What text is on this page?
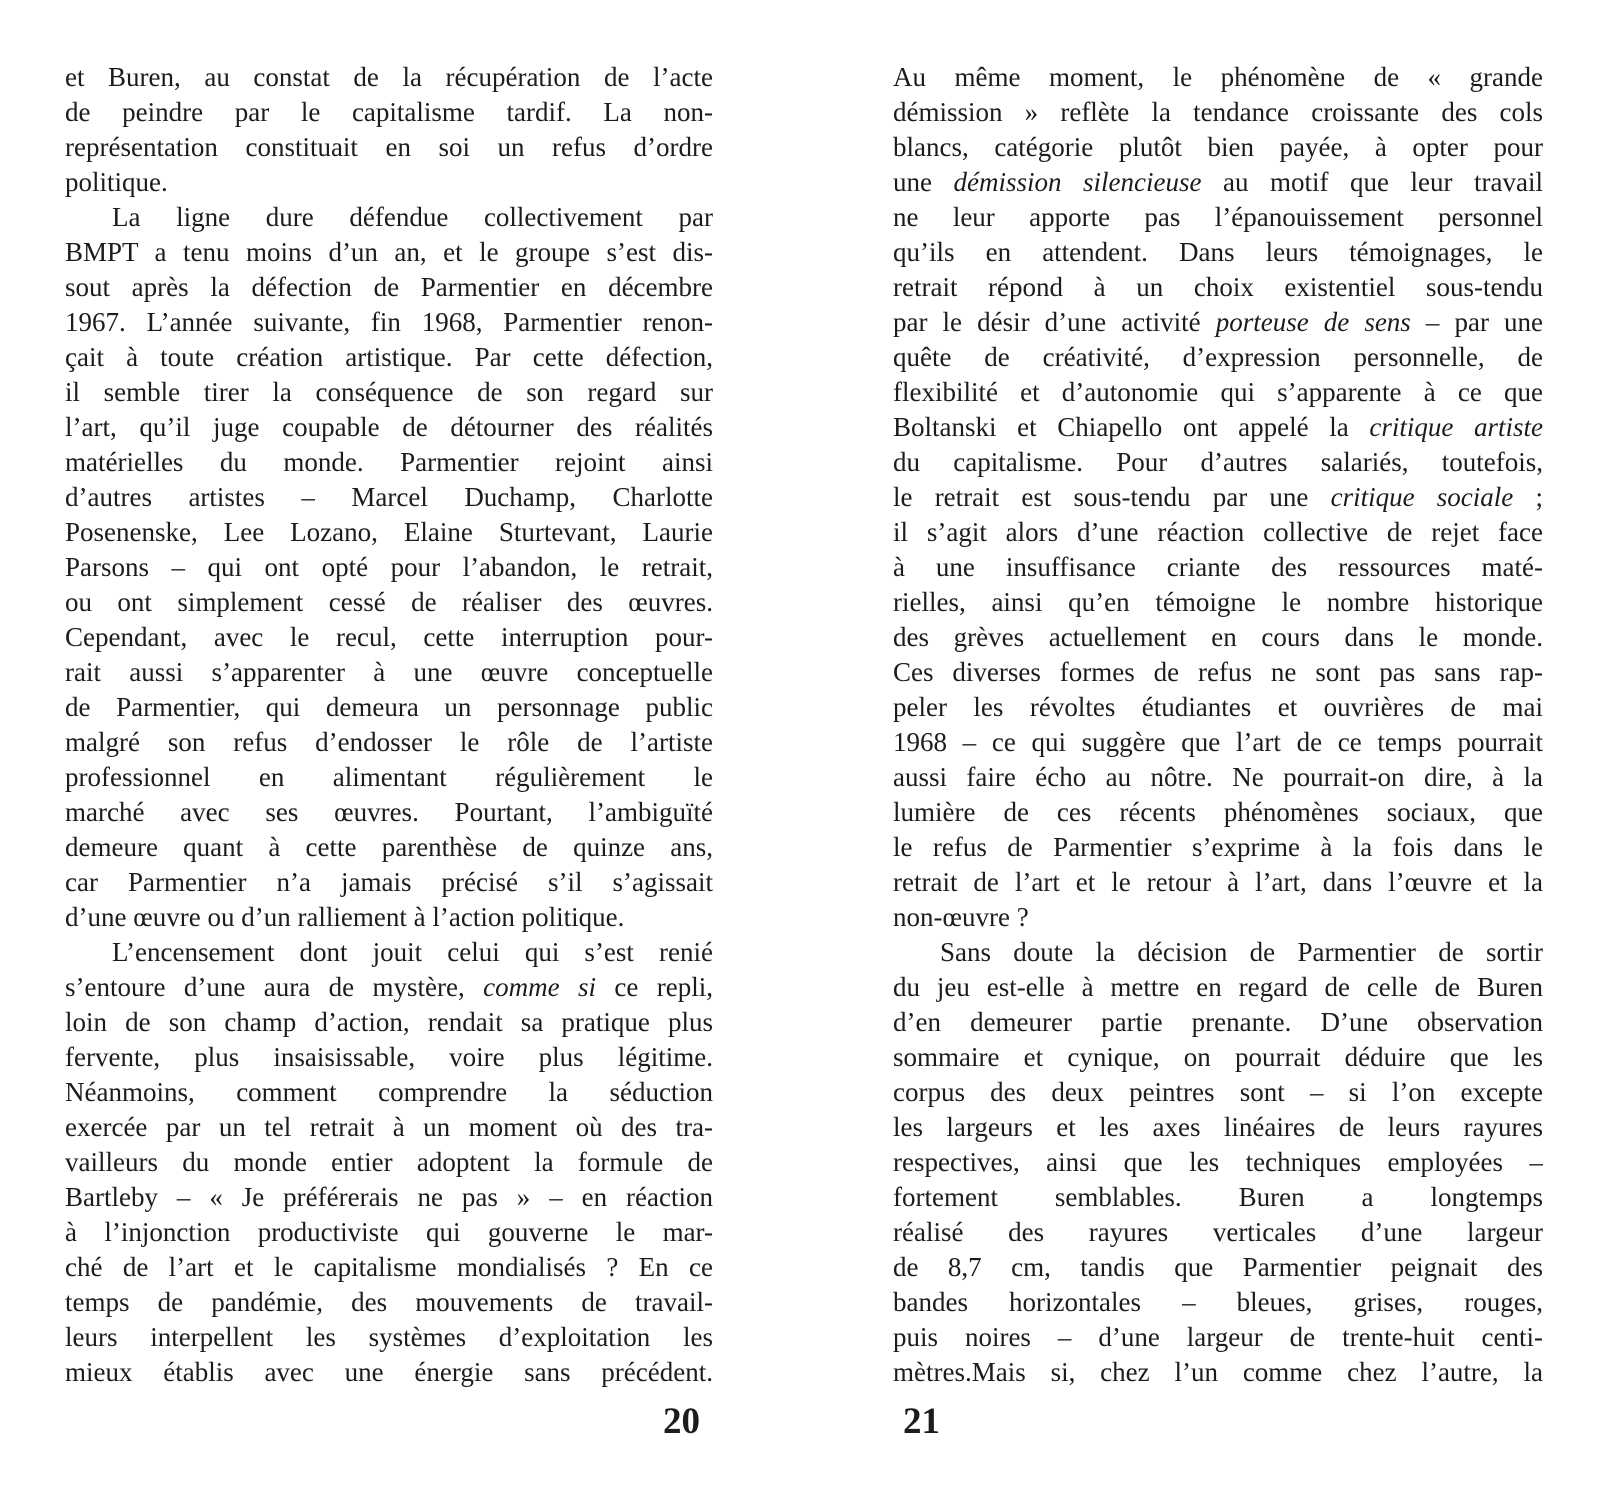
et Buren, au constat de la récupération de l’acte
de peindre par le capitalisme tardif. La non-
représentation constituait en soi un refus d’ordre
politique.
La ligne dure défendue collectivement par
BMPT a tenu moins d’un an, et le groupe s’est dis-
sout après la défection de Parmentier en décembre
1967. L’année suivante, fin 1968, Parmentier renon-
çait à toute création artistique. Par cette défection,
il semble tirer la conséquence de son regard sur
l’art, qu’il juge coupable de détourner des réalités
matérielles du monde. Parmentier rejoint ainsi
d’autres artistes – Marcel Duchamp, Charlotte
Posenenske, Lee Lozano, Elaine Sturtevant, Laurie
Parsons – qui ont opté pour l’abandon, le retrait,
ou ont simplement cessé de réaliser des œuvres.
Cependant, avec le recul, cette interruption pour-
rait aussi s’apparenter à une œuvre conceptuelle
de Parmentier, qui demeura un personnage public
malgré son refus d’endosser le rôle de l’artiste
professionnel en alimentant régulièrement le
marché avec ses œuvres. Pourtant, l’ambiguïté
demeure quant à cette parenthèse de quinze ans,
car Parmentier n’a jamais précisé s’il s’agissait
d’une œuvre ou d’un ralliement à l’action politique.
L’encensement dont jouit celui qui s’est renié
s’entoure d’une aura de mystère, comme si ce repli,
loin de son champ d’action, rendait sa pratique plus
fervente, plus insaisissable, voire plus légitime.
Néanmoins, comment comprendre la séduction
exercée par un tel retrait à un moment où des tra-
vailleurs du monde entier adoptent la formule de
Bartleby – « Je préférerais ne pas » – en réaction
à l’injonction productiviste qui gouverne le mar-
ché de l’art et le capitalisme mondialisés ? En ce
temps de pandémie, des mouvements de travail-
leurs interpellent les systèmes d’exploitation les
mieux établis avec une énergie sans précédent.
20
Au même moment, le phénomène de « grande
démission » reflète la tendance croissante des cols
blancs, catégorie plutôt bien payée, à opter pour
une démission silencieuse au motif que leur travail
ne leur apporte pas l’épanouissement personnel
qu’ils en attendent. Dans leurs témoignages, le
retrait répond à un choix existentiel sous-tendu
par le désir d’une activité porteuse de sens – par une
quête de créativité, d’expression personnelle, de
flexibilité et d’autonomie qui s’apparente à ce que
Boltanski et Chiapello ont appelé la critique artiste
du capitalisme. Pour d’autres salariés, toutefois,
le retrait est sous-tendu par une critique sociale ;
il s’agit alors d’une réaction collective de rejet face
à une insuffisance criante des ressources maté-
rielles, ainsi qu’en témoigne le nombre historique
des grèves actuellement en cours dans le monde.
Ces diverses formes de refus ne sont pas sans rap-
peler les révoltes étudiantes et ouvrières de mai
1968 – ce qui suggère que l’art de ce temps pourrait
aussi faire écho au nôtre. Ne pourrait-on dire, à la
lumière de ces récents phénomènes sociaux, que
le refus de Parmentier s’exprime à la fois dans le
retrait de l’art et le retour à l’art, dans l’œuvre et la
non-œuvre ?
Sans doute la décision de Parmentier de sortir
du jeu est-elle à mettre en regard de celle de Buren
d’en demeurer partie prenante. D’une observation
sommaire et cynique, on pourrait déduire que les
corpus des deux peintres sont – si l’on excepte
les largeurs et les axes linéaires de leurs rayures
respectives, ainsi que les techniques employées –
fortement semblables. Buren a longtemps
réalisé des rayures verticales d’une largeur
de 8,7 cm, tandis que Parmentier peignait des
bandes horizontales – bleues, grises, rouges,
puis noires – d’une largeur de trente-huit centi-
mètres.Mais si, chez l’un comme chez l’autre, la
21
